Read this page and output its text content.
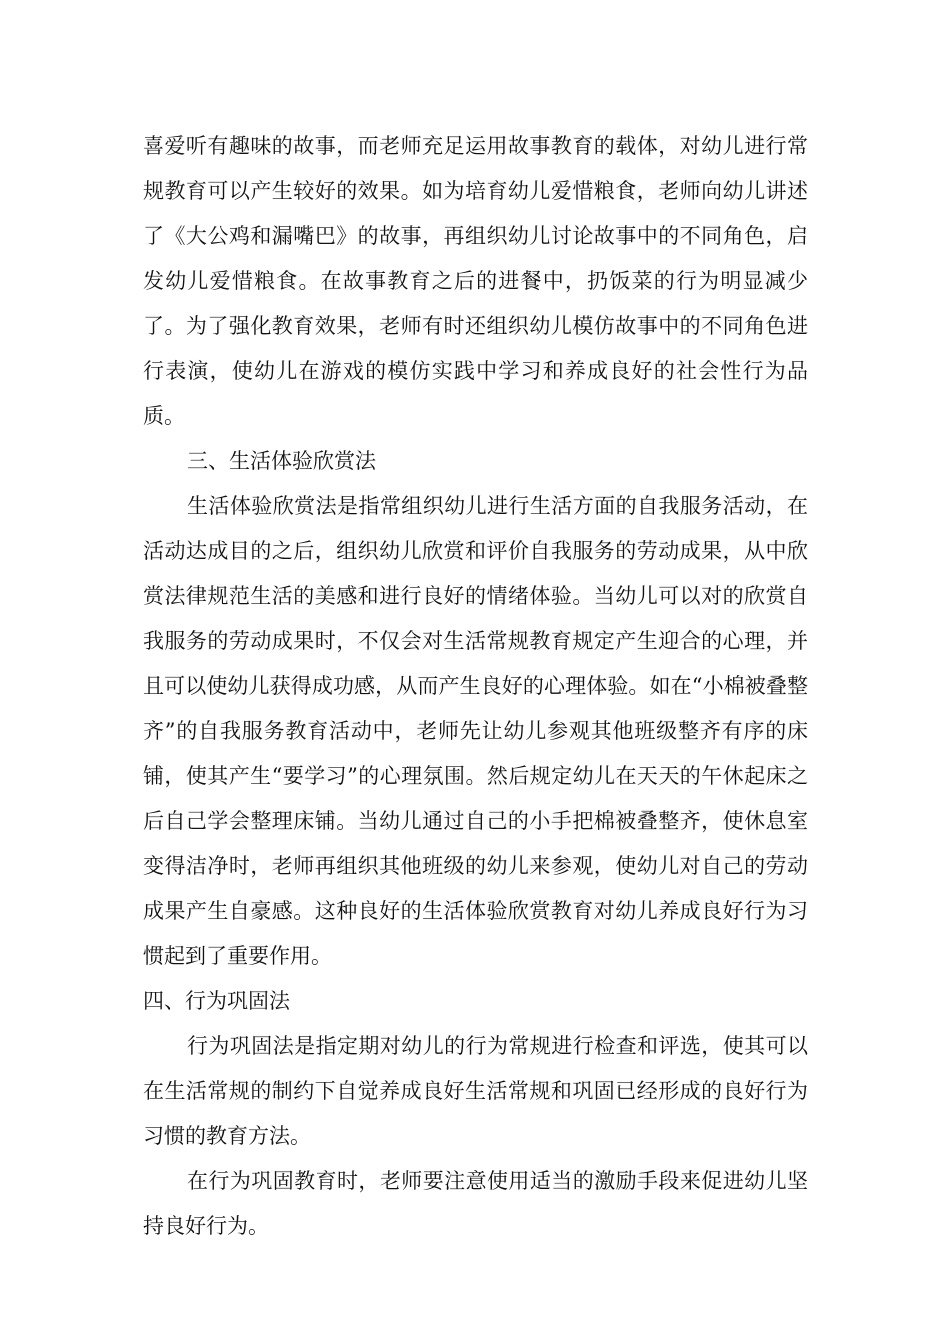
喜爱听有趣味的故事，而老师充足运用故事教育的载体，对幼儿进行常规教育可以产生较好的效果。如为培育幼儿爱惜粮食，老师向幼儿讲述了《大公鸡和漏嘴巴》的故事，再组织幼儿讨论故事中的不同角色，启发幼儿爱惜粮食。在故事教育之后的进餐中，扔饭菜的行为明显减少了。为了强化教育效果，老师有时还组织幼儿模仿故事中的不同角色进行表演，使幼儿在游戏的模仿实践中学习和养成良好的社会性行为品质。

三、生活体验欣赏法

生活体验欣赏法是指常组织幼儿进行生活方面的自我服务活动，在活动达成目的之后，组织幼儿欣赏和评价自我服务的劳动成果，从中欣赏法律规范生活的美感和进行良好的情绪体验。当幼儿可以对的欣赏自我服务的劳动成果时，不仅会对生活常规教育规定产生迎合的心理，并且可以使幼儿获得成功感，从而产生良好的心理体验。如在“小棉被叠整齐”的自我服务教育活动中，老师先让幼儿参观其他班级整齐有序的床铺，使其产生“要学习”的心理氛围。然后规定幼儿在天天的午休起床之后自己学会整理床铺。当幼儿通过自己的小手把棉被叠整齐，使休息室变得洁净时，老师再组织其他班级的幼儿来参观，使幼儿对自己的劳动成果产生自豪感。这种良好的生活体验欣赏教育对幼儿养成良好行为习惯起到了重要作用。

四、行为巩固法

行为巩固法是指定期对幼儿的行为常规进行检查和评选，使其可以在生活常规的制约下自觉养成良好生活常规和巩固已经形成的良好行为习惯的教育方法。

在行为巩固教育时，老师要注意使用适当的激励手段来促进幼儿坚持良好行为。
